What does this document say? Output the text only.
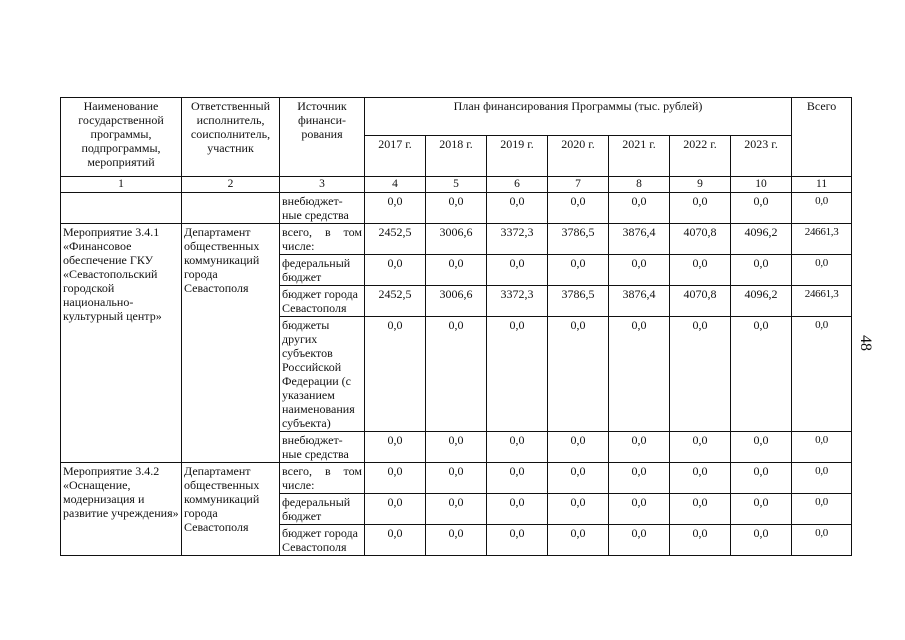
Наименование государственной программы, подпрограммы, мероприятий	Ответственный исполнитель, соисполнитель, участник	Источник финанси-рования	План финансирования Программы (тыс. рублей)							Всего
			2017 г.	2018 г.	2019 г.	2020 г.	2021 г.	2022 г.	2023 г.	
1	2	3	4	5	6	7	8	9	10	11
		внебюджет-ные средства	0,0	0,0	0,0	0,0	0,0	0,0	0,0	0,0
Мероприятие 3.4.1 «Финансовое обеспечение ГКУ «Севастопольский городской национально-культурный центр»	Департамент общественных коммуникаций города Севастополя	всего, в том числе:	2452,5	3006,6	3372,3	3786,5	3876,4	4070,8	4096,2	24661,3
		федеральный бюджет	0,0	0,0	0,0	0,0	0,0	0,0	0,0	0,0
		бюджет города Севастополя	2452,5	3006,6	3372,3	3786,5	3876,4	4070,8	4096,2	24661,3
		бюджеты других субъектов Российской Федерации (с указанием наименования субъекта)	0,0	0,0	0,0	0,0	0,0	0,0	0,0	0,0
		внебюджет-ные средства	0,0	0,0	0,0	0,0	0,0	0,0	0,0	0,0
Мероприятие 3.4.2 «Оснащение, модернизация и развитие учреждения»	Департамент общественных коммуникаций города Севастополя	всего, в том числе:	0,0	0,0	0,0	0,0	0,0	0,0	0,0	0,0
		федеральный бюджет	0,0	0,0	0,0	0,0	0,0	0,0	0,0	0,0
		бюджет города Севастополя	0,0	0,0	0,0	0,0	0,0	0,0	0,0	0,0
48
